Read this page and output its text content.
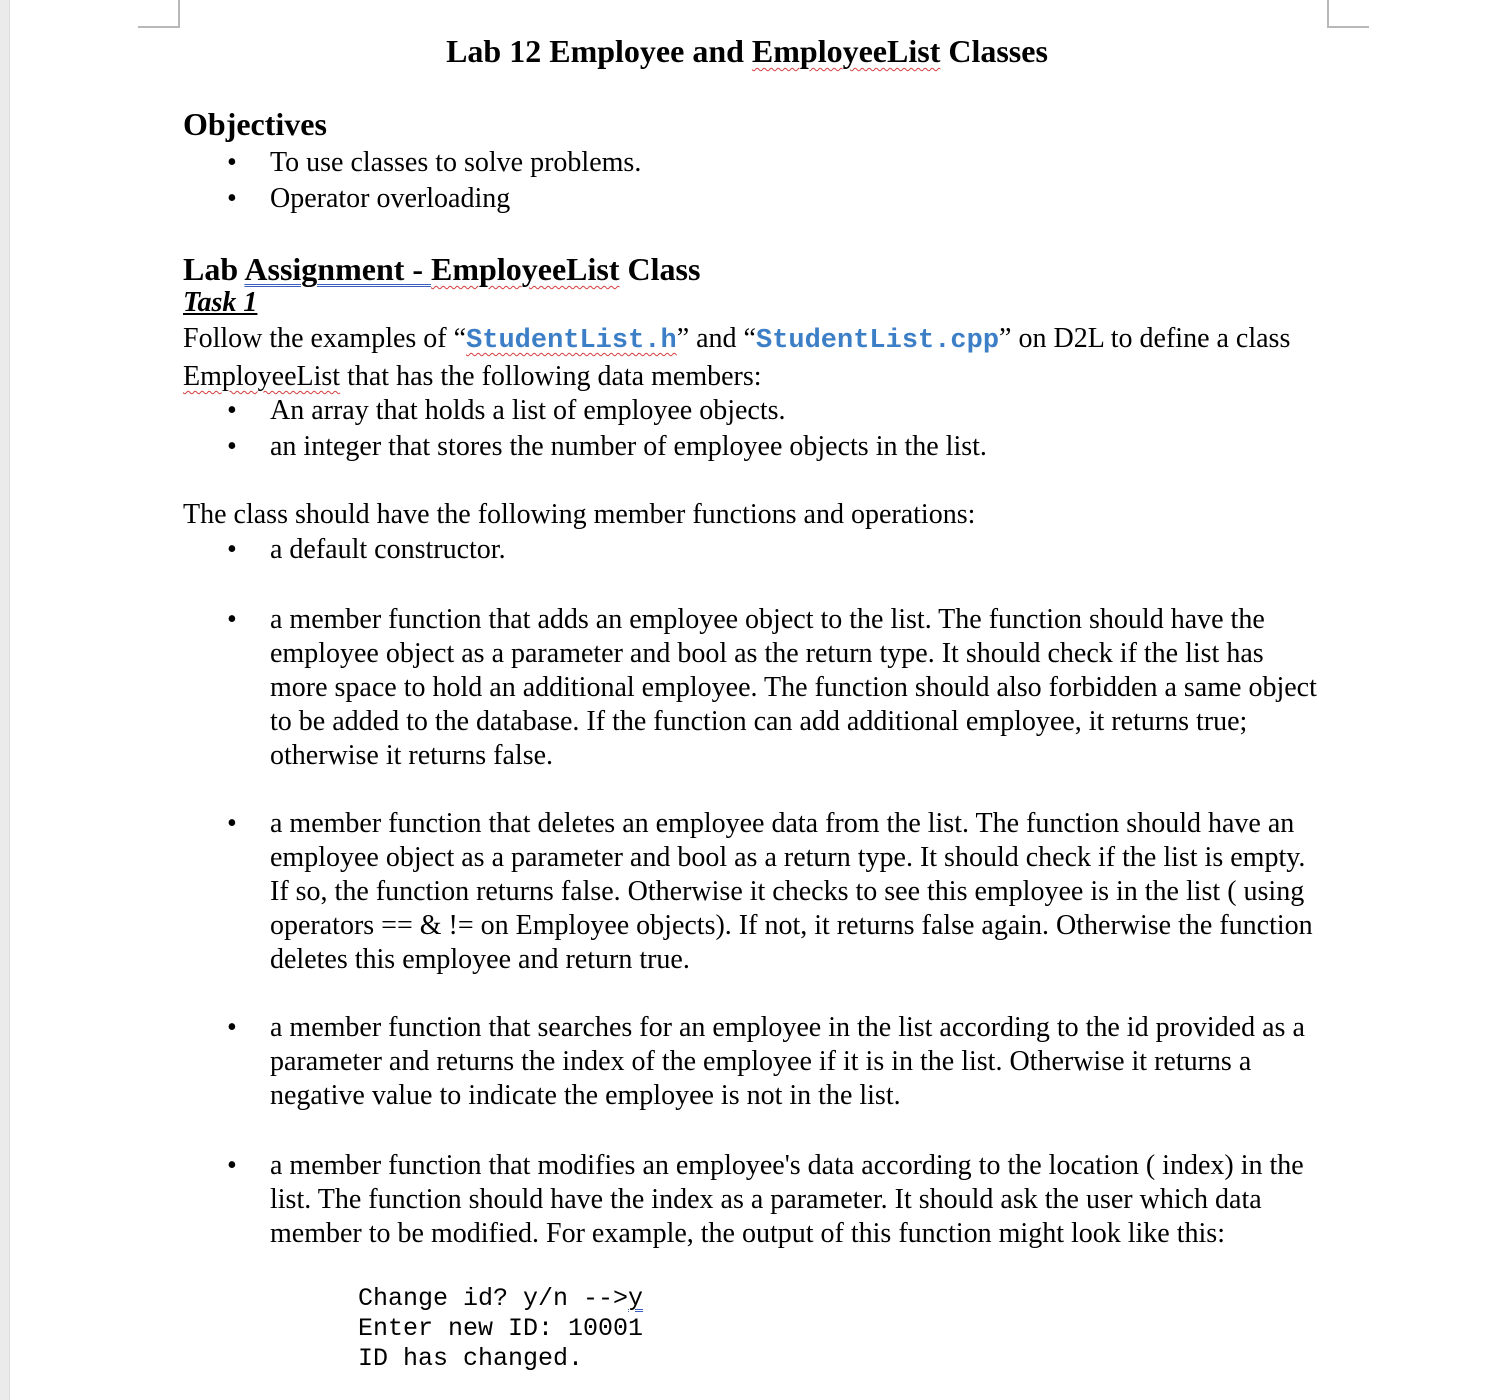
Lab 12 Employee and EmployeeList Classes
Objectives
•	To use classes to solve problems.
•	Operator overloading
Lab Assignment - EmployeeList Class
Task 1

Follow the examples of “StudentList.h” and “StudentList.cpp” on D2L to define a class EmployeeList that has the following data members:

•	An array that holds a list of employee objects.
•	an integer that stores the number of employee objects in the list.

The class should have the following member functions and operations:

•	a default constructor.
•	a member function that adds an employee object to the list. The function should have the employee object as a parameter and bool as the return type. It should check if the list has more space to hold an additional employee. The function should also forbidden a same object to be added to the database. If the function can add additional employee, it returns true; otherwise it returns false.
•	a member function that deletes an employee data from the list. The function should have an employee object as a parameter and bool as a return type. It should check if the list is empty. If so, the function returns false. Otherwise it checks to see this employee is in the list ( using operators == & != on Employee objects). If not, it returns false again. Otherwise the function deletes this employee and return true.
•	a member function that searches for an employee in the list according to the id provided as a parameter and returns the index of the employee if it is in the list. Otherwise it returns a negative value to indicate the employee is not in the list.
•	a member function that modifies an employee's data according to the location ( index) in the list. The function should have the index as a parameter. It should ask the user which data member to be modified. For example, the output of this function might look like this:
Change id? y/n -->y
Enter new ID: 10001
ID has changed.
